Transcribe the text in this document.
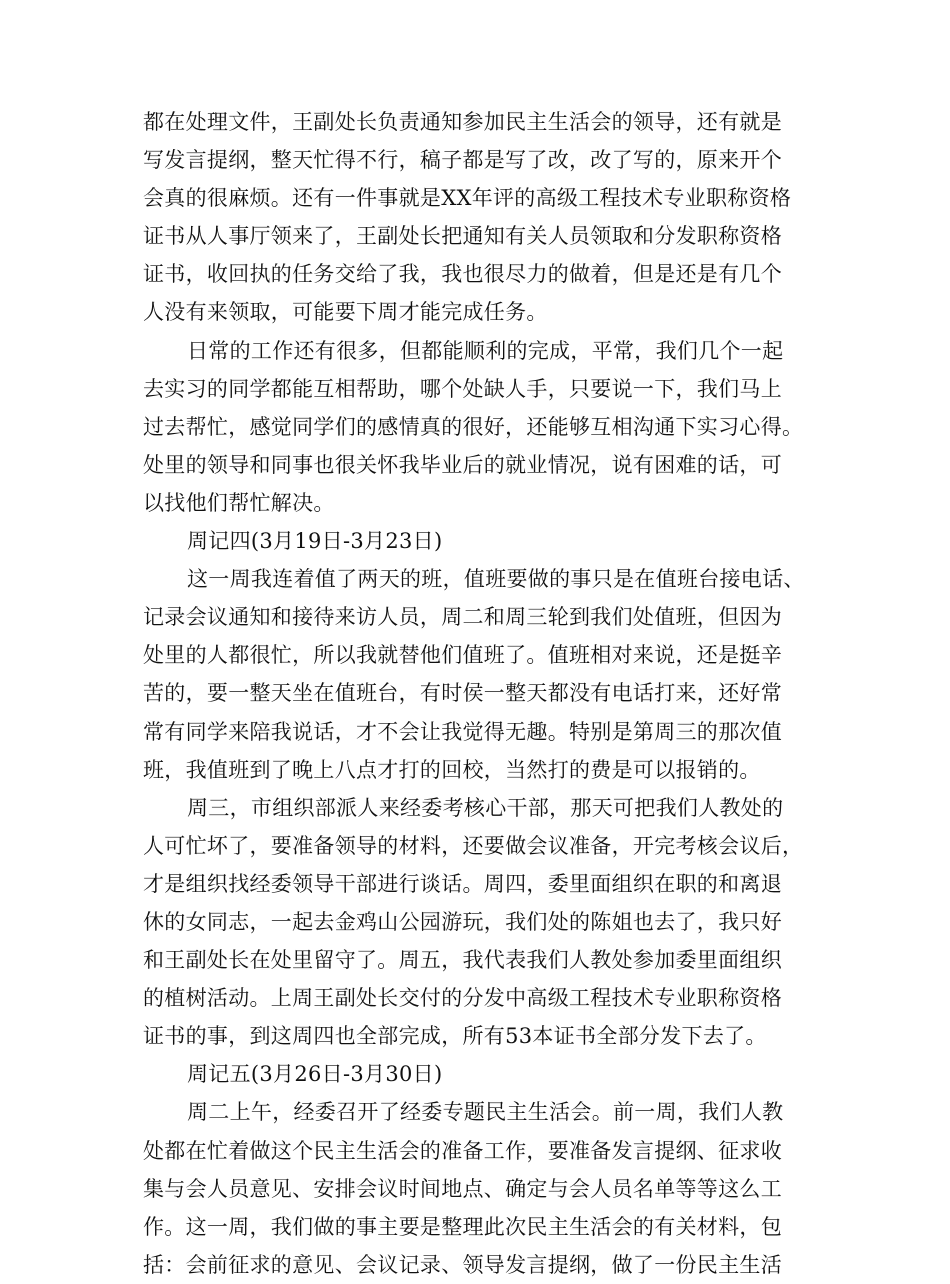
都在处理文件，王副处长负责通知参加民主生活会的领导，还有就是
写发言提纲，整天忙得不行，稿子都是写了改，改了写的，原来开个
会真的很麻烦。还有一件事就是XX年评的高级工程技术专业职称资格
证书从人事厅领来了，王副处长把通知有关人员领取和分发职称资格
证书，收回执的任务交给了我，我也很尽力的做着，但是还是有几个
人没有来领取，可能要下周才能完成任务。
日常的工作还有很多，但都能顺利的完成，平常，我们几个一起
去实习的同学都能互相帮助，哪个处缺人手，只要说一下，我们马上
过去帮忙，感觉同学们的感情真的很好，还能够互相沟通下实习心得。
处里的领导和同事也很关怀我毕业后的就业情况，说有困难的话，可
以找他们帮忙解决。
周记四(3月19日-3月23日)
这一周我连着值了两天的班，值班要做的事只是在值班台接电话、
记录会议通知和接待来访人员，周二和周三轮到我们处值班，但因为
处里的人都很忙，所以我就替他们值班了。值班相对来说，还是挺辛
苦的，要一整天坐在值班台，有时侯一整天都没有电话打来，还好常
常有同学来陪我说话，才不会让我觉得无趣。特别是第周三的那次值
班，我值班到了晚上八点才打的回校，当然打的费是可以报销的。
周三，市组织部派人来经委考核心干部，那天可把我们人教处的
人可忙坏了，要准备领导的材料，还要做会议准备，开完考核会议后，
才是组织找经委领导干部进行谈话。周四，委里面组织在职的和离退
休的女同志，一起去金鸡山公园游玩，我们处的陈姐也去了，我只好
和王副处长在处里留守了。周五，我代表我们人教处参加委里面组织
的植树活动。上周王副处长交付的分发中高级工程技术专业职称资格
证书的事，到这周四也全部完成，所有53本证书全部分发下去了。
周记五(3月26日-3月30日)
周二上午，经委召开了经委专题民主生活会。前一周，我们人教
处都在忙着做这个民主生活会的准备工作，要准备发言提纲、征求收
集与会人员意见、安排会议时间地点、确定与会人员名单等等这么工
作。这一周，我们做的事主要是整理此次民主生活会的有关材料，包
括：会前征求的意见、会议记录、领导发言提纲，做了一份民主生活
